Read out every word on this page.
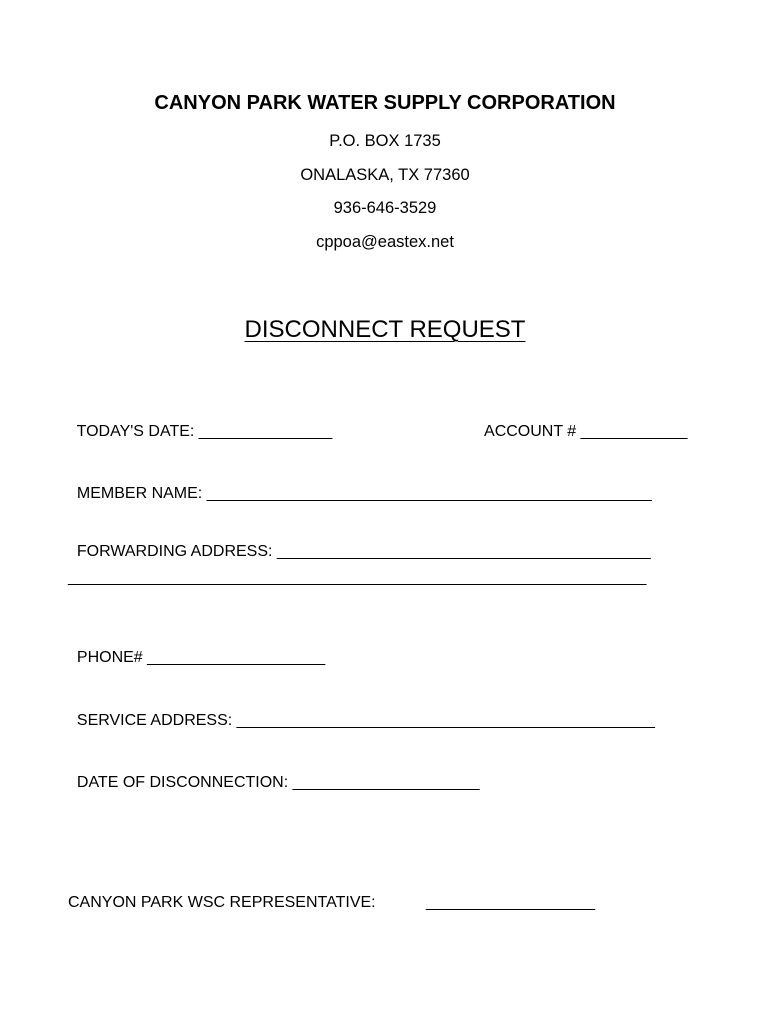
CANYON PARK WATER SUPPLY CORPORATION
P.O. BOX 1735
ONALASKA, TX 77360
936-646-3529
cppoa@eastex.net
DISCONNECT REQUEST

TODAY'S DATE: _______________	ACCOUNT # ____________

MEMBER NAME: __________________________________________________

FORWARDING ADDRESS: __________________________________________

_________________________________________________________________

PHONE# ____________________

SERVICE ADDRESS: _______________________________________________

DATE OF DISCONNECTION: _____________________

CANYON PARK WSC REPRESENTATIVE:	___________________
